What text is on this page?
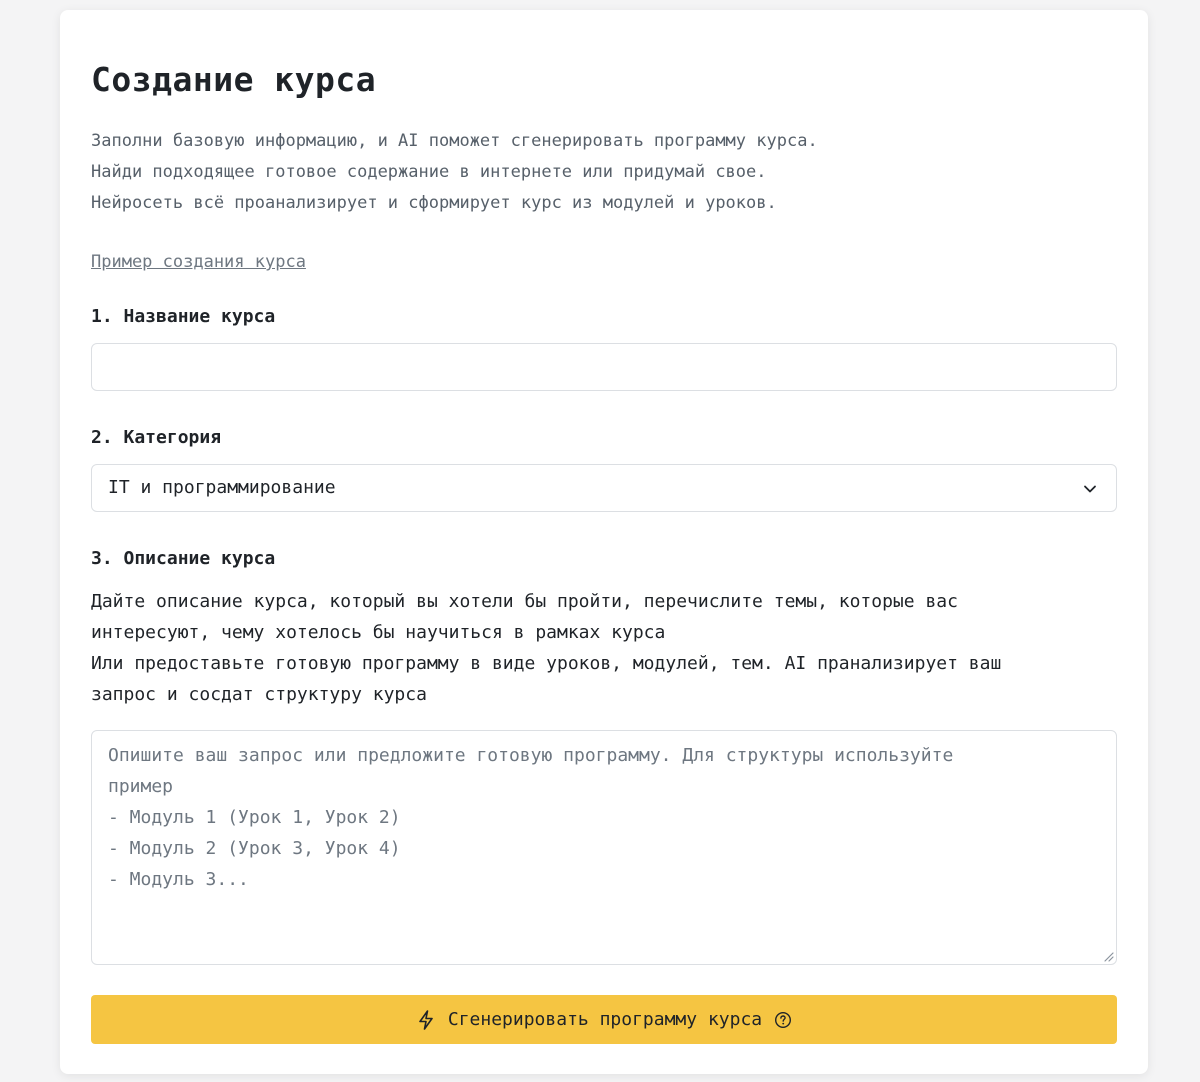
Создание курса
Заполни базовую информацию, и AI поможет сгенерировать программу курса.
Найди подходящее готовое содержание в интернете или придумай свое.
Нейросеть всё проанализирует и сформирует курс из модулей и уроков.
Пример создания курса
1. Название курса
2. Категория
IT и программирование
3. Описание курса
Дайте описание курса, который вы хотели бы пройти, перечислите темы, которые вас
интересуют, чему хотелось бы научиться в рамках курса
Или предоставьте готовую программу в виде уроков, модулей, тем. AI пранализирует ваш
запрос и сосдат структуру курса
Опишите ваш запрос или предложите готовую программу. Для структуры используйте
пример
- Модуль 1 (Урок 1, Урок 2)
- Модуль 2 (Урок 3, Урок 4)
- Модуль 3...
Сгенерировать программу курса
